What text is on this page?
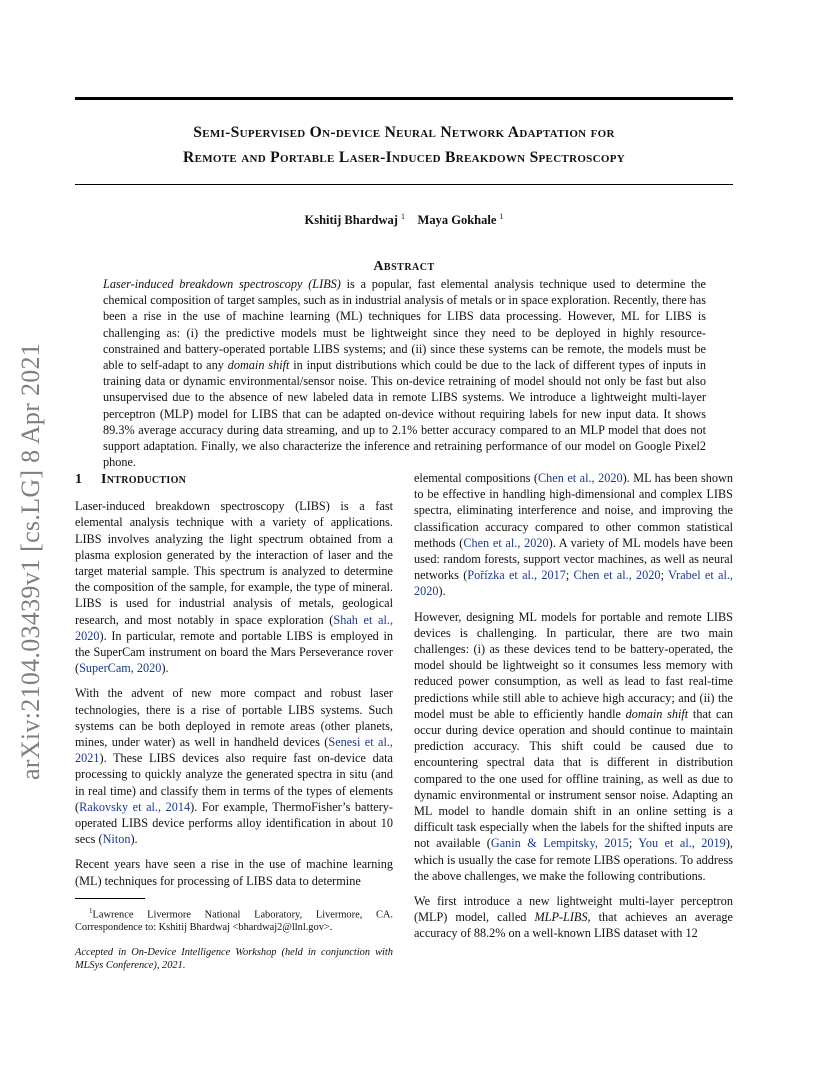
arXiv:2104.03439v1 [cs.LG] 8 Apr 2021
Semi-Supervised On-device Neural Network Adaptation for
Remote and Portable Laser-Induced Breakdown Spectroscopy
Kshitij Bhardwaj $^1$ Maya Gokhale $^1$
Abstract
Laser-induced breakdown spectroscopy (LIBS) is a popular, fast elemental analysis technique used to determine the chemical composition of target samples, such as in industrial analysis of metals or in space exploration. Recently, there has been a rise in the use of machine learning (ML) techniques for LIBS data processing. However, ML for LIBS is challenging as: (i) the predictive models must be lightweight since they need to be deployed in highly resource-constrained and battery-operated portable LIBS systems; and (ii) since these systems can be remote, the models must be able to self-adapt to any domain shift in input distributions which could be due to the lack of different types of inputs in training data or dynamic environmental/sensor noise. This on-device retraining of model should not only be fast but also unsupervised due to the absence of new labeled data in remote LIBS systems. We introduce a lightweight multi-layer perceptron (MLP) model for LIBS that can be adapted on-device without requiring labels for new input data. It shows 89.3% average accuracy during data streaming, and up to 2.1% better accuracy compared to an MLP model that does not support adaptation. Finally, we also characterize the inference and retraining performance of our model on Google Pixel2 phone.
1 Introduction

Laser-induced breakdown spectroscopy (LIBS) is a fast elemental analysis technique with a variety of applications. LIBS involves analyzing the light spectrum obtained from a plasma explosion generated by the interaction of laser and the target material sample. This spectrum is analyzed to determine the composition of the sample, for example, the type of mineral. LIBS is used for industrial analysis of metals, geological research, and most notably in space exploration (Shah et al., 2020). In particular, remote and portable LIBS is employed in the SuperCam instrument on board the Mars Perseverance rover (SuperCam, 2020).

With the advent of new more compact and robust laser technologies, there is a rise of portable LIBS systems. Such systems can be both deployed in remote areas (other planets, mines, under water) as well in handheld devices (Senesi et al., 2021). These LIBS devices also require fast on-device data processing to quickly analyze the generated spectra in situ (and in real time) and classify them in terms of the types of elements (Rakovsky et al., 2014). For example, ThermoFisher’s battery-operated LIBS device performs alloy identification in about 10 secs (Niton).

Recent years have seen a rise in the use of machine learning (ML) techniques for processing of LIBS data to determine

$^1$Lawrence Livermore National Laboratory, Livermore, CA. Correspondence to: Kshitij Bhardwaj <bhardwaj2@llnl.gov>.
Accepted in On-Device Intelligence Workshop (held in conjunction with MLSys Conference), 2021.

elemental compositions (Chen et al., 2020). ML has been shown to be effective in handling high-dimensional and complex LIBS spectra, eliminating interference and noise, and improving the classification accuracy compared to other common statistical methods (Chen et al., 2020). A variety of ML models have been used: random forests, support vector machines, as well as neural networks (Pořízka et al., 2017; Chen et al., 2020; Vrabel et al., 2020).

However, designing ML models for portable and remote LIBS devices is challenging. In particular, there are two main challenges: (i) as these devices tend to be battery-operated, the model should be lightweight so it consumes less memory with reduced power consumption, as well as lead to fast real-time predictions while still able to achieve high accuracy; and (ii) the model must be able to efficiently handle domain shift that can occur during device operation and should continue to maintain prediction accuracy. This shift could be caused due to encountering spectral data that is different in distribution compared to the one used for offline training, as well as due to dynamic environmental or instrument sensor noise. Adapting an ML model to handle domain shift in an online setting is a difficult task especially when the labels for the shifted inputs are not available (Ganin & Lempitsky, 2015; You et al., 2019), which is usually the case for remote LIBS operations. To address the above challenges, we make the following contributions.

We first introduce a new lightweight multi-layer perceptron (MLP) model, called MLP-LIBS, that achieves an average accuracy of 88.2% on a well-known LIBS dataset with 12
